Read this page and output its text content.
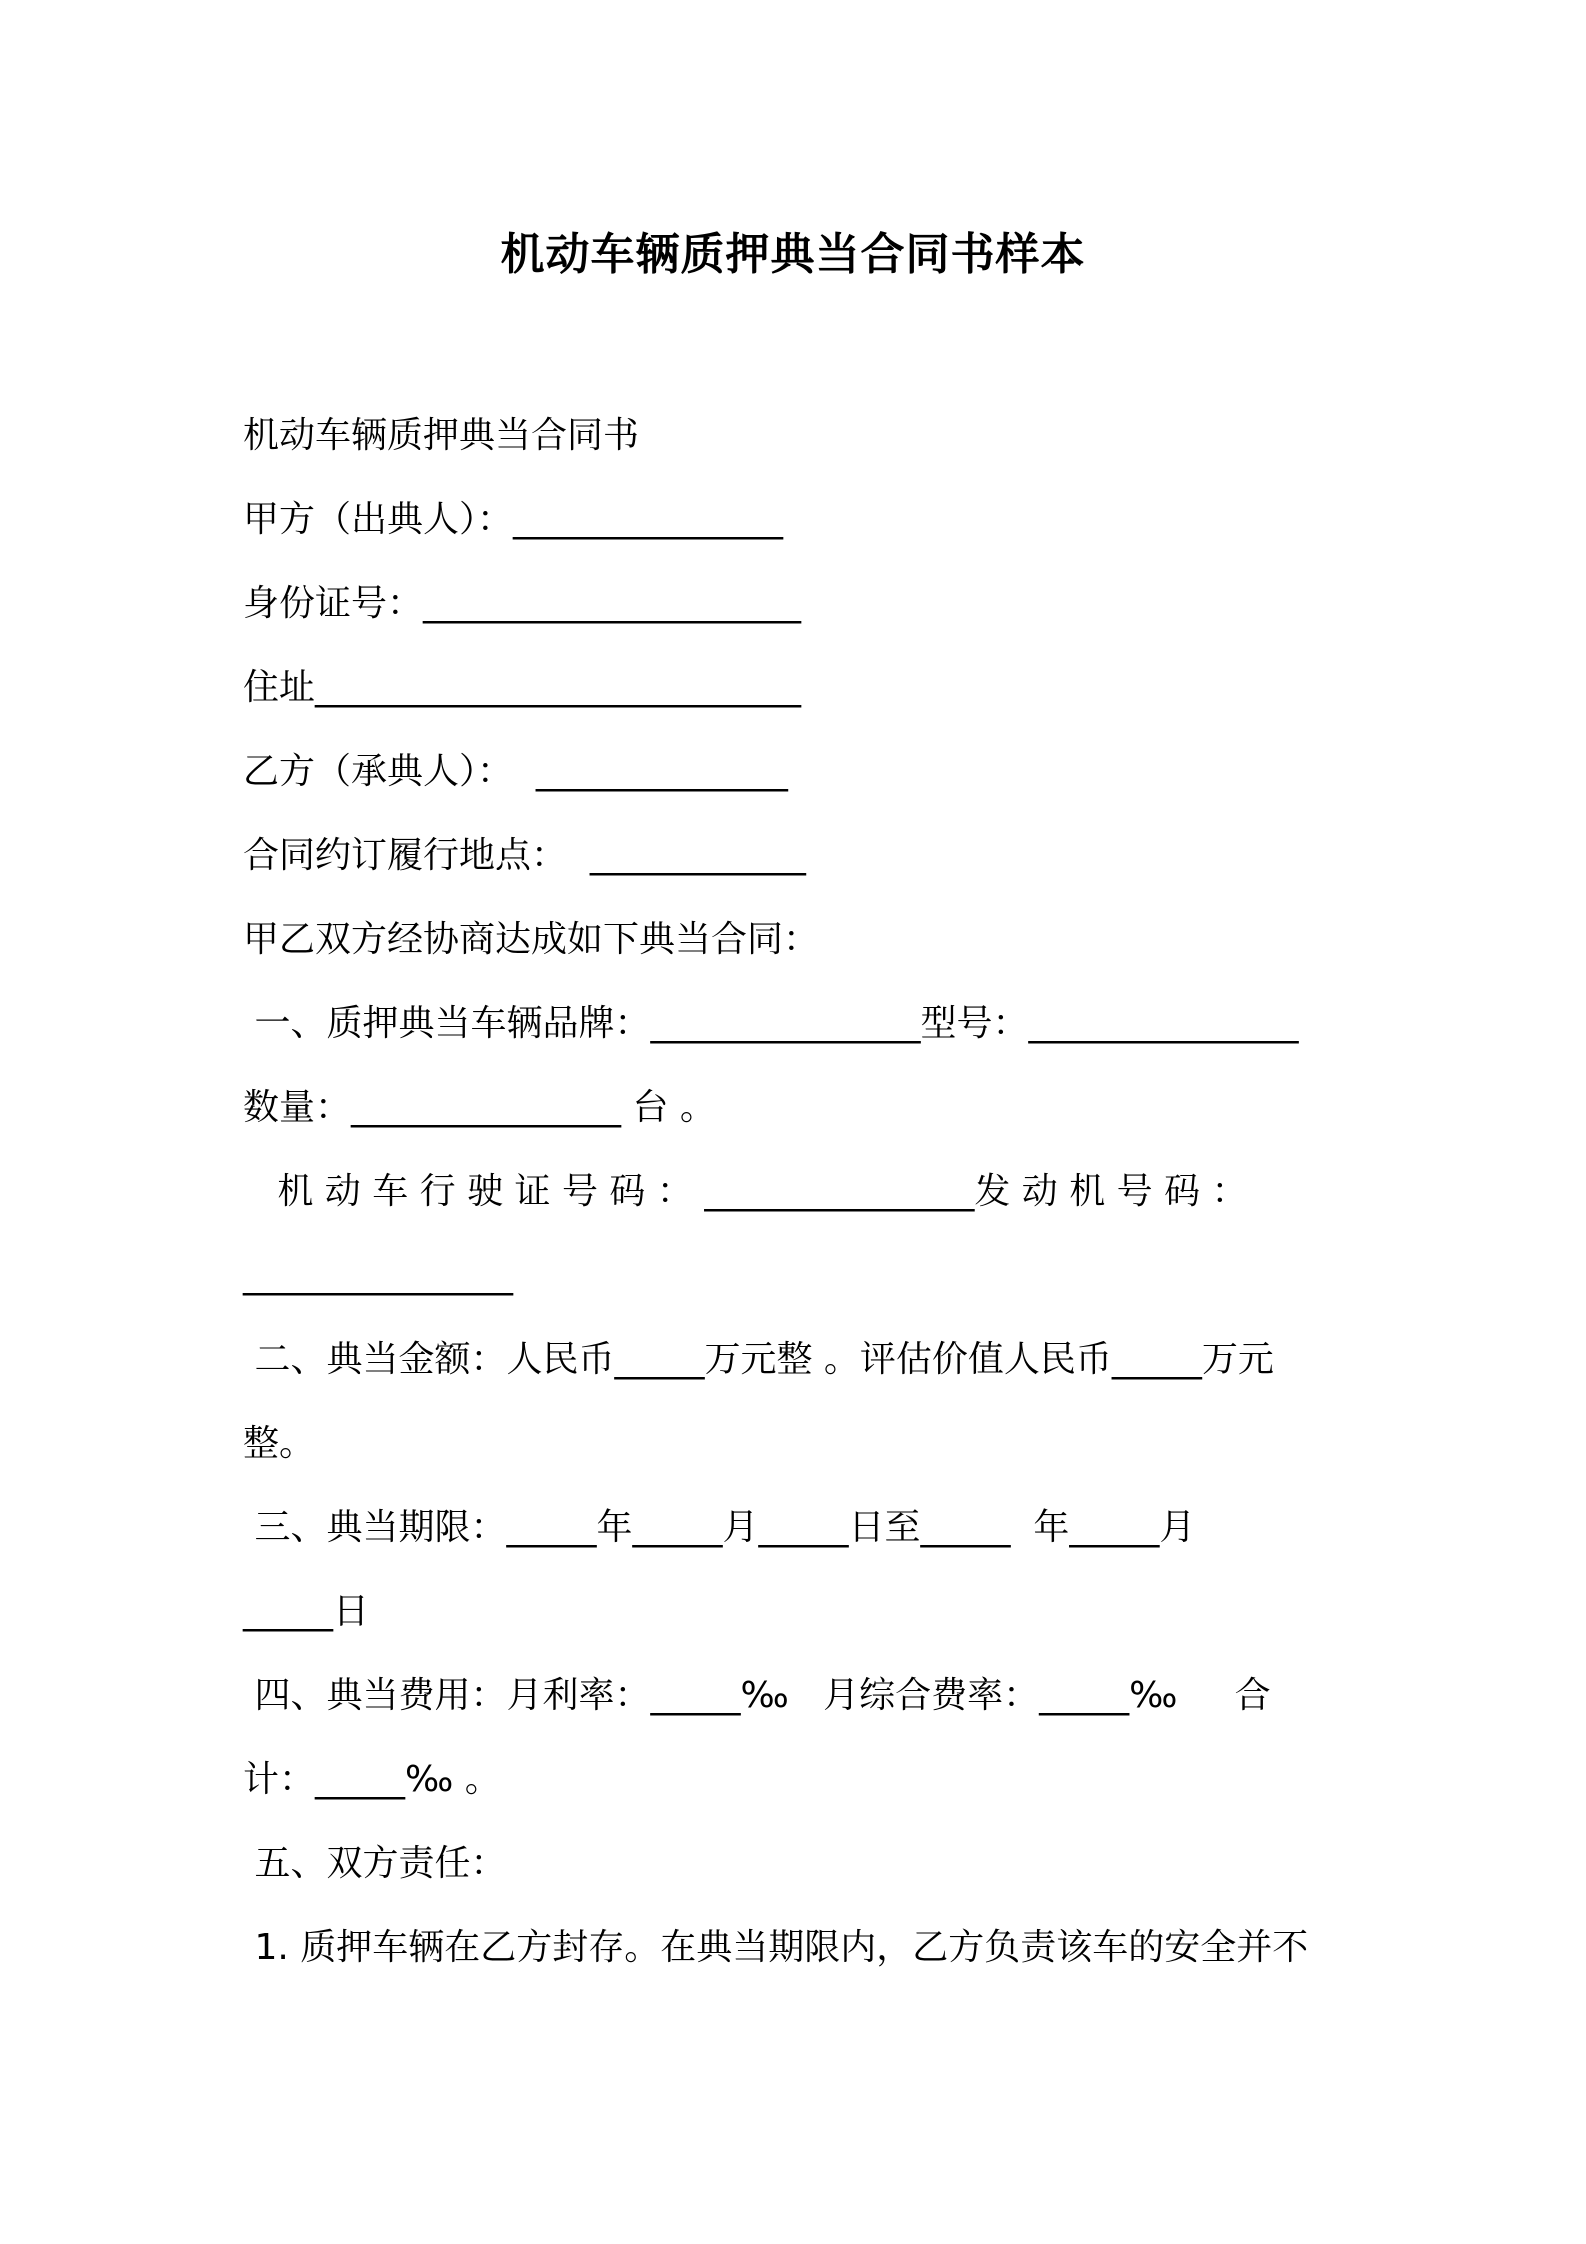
机动车辆质押典当合同书样本
机动车辆质押典当合同书
甲方（出典人）：_______________
身份证号：_____________________
住址___________________________
乙方（承典人）：  ______________
合同约订履行地点：  ____________
甲乙双方经协商达成如下典当合同：
一、质押典当车辆品牌：_______________型号：_______________
数量：_______________ 台 。
机 动 车 行 驶 证 号 码 ： _______________发 动 机 号 码 ：
_______________
二、典当金额：人民币_____万元整 。评估价值人民币_____万元
整。
三、典当期限：_____年_____月_____日至_____  年_____月
_____日
四、典当费用：月利率：_____‰   月综合费率：_____‰     合
计：_____‰ 。
五、双方责任：
1. 质押车辆在乙方封存。在典当期限内，乙方负责该车的安全并不
